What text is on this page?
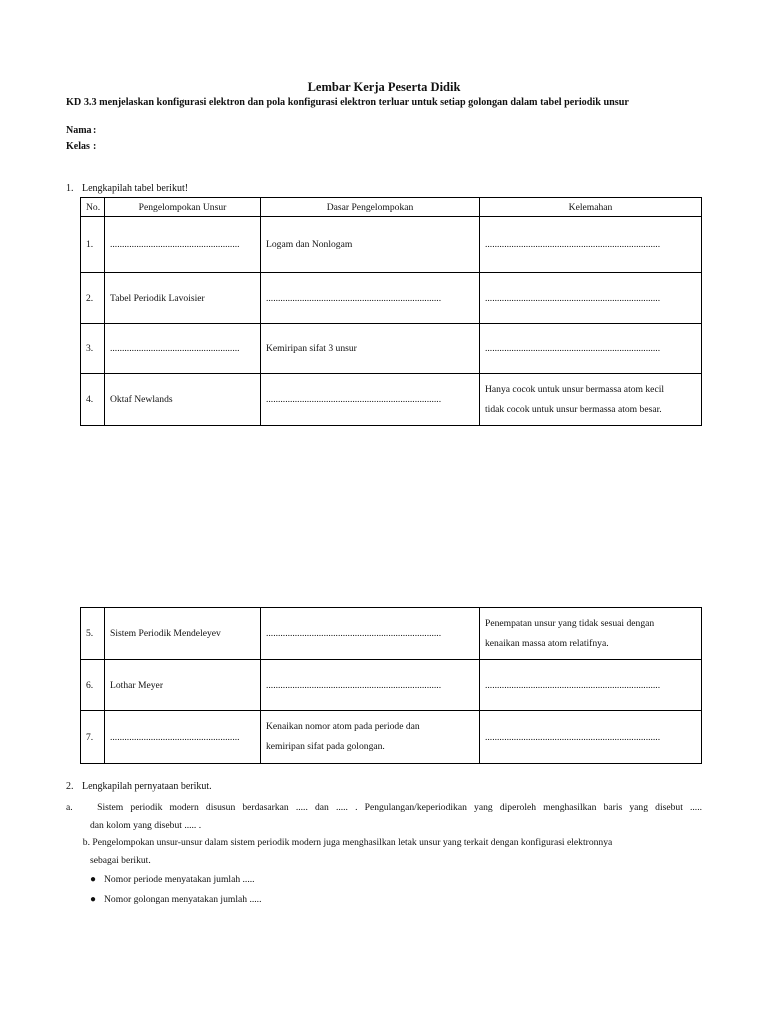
Lembar Kerja Peserta Didik
KD 3.3 menjelaskan konfigurasi elektron dan pola konfigurasi elektron terluar untuk setiap golongan dalam tabel periodik unsur
Nama:
Kelas :
1. Lengkapilah tabel berikut!
No.	Pengelompokan Unsur	Dasar Pengelompokan	Kelemahan
1.	......................................................	Logam dan Nonlogam	.........................................................................
2.	Tabel Periodik Lavoisier	.........................................................................	.........................................................................
3.	......................................................	Kemiripan sifat 3 unsur	.........................................................................
4.	Oktaf Newlands	.........................................................................	Hanya cocok untuk unsur bermassa atom kecil
tidak cocok untuk unsur bermassa atom besar.
5.	Sistem Periodik Mendeleyev	.........................................................................	Penempatan unsur yang tidak sesuai dengan
kenaikan massa atom relatifnya.

6.	Lothar Meyer	.........................................................................	.........................................................................
7.	......................................................	Kenaikan nomor atom pada periode dan
kemiripan sifat pada golongan.	.........................................................................
2. Lengkapilah pernyataan berikut.
a.	Sistem periodik modern disusun berdasarkan ..... dan ..... . Pengulangan/keperiodikan yang diperoleh menghasilkan baris yang disebut .....
dan kolom yang disebut ..... .
b. Pengelompokan unsur-unsur dalam sistem periodik modern juga menghasilkan letak unsur yang terkait dengan konfigurasi elektronnya
sebagai berikut.
● Nomor periode menyatakan jumlah .....
● Nomor golongan menyatakan jumlah .....
